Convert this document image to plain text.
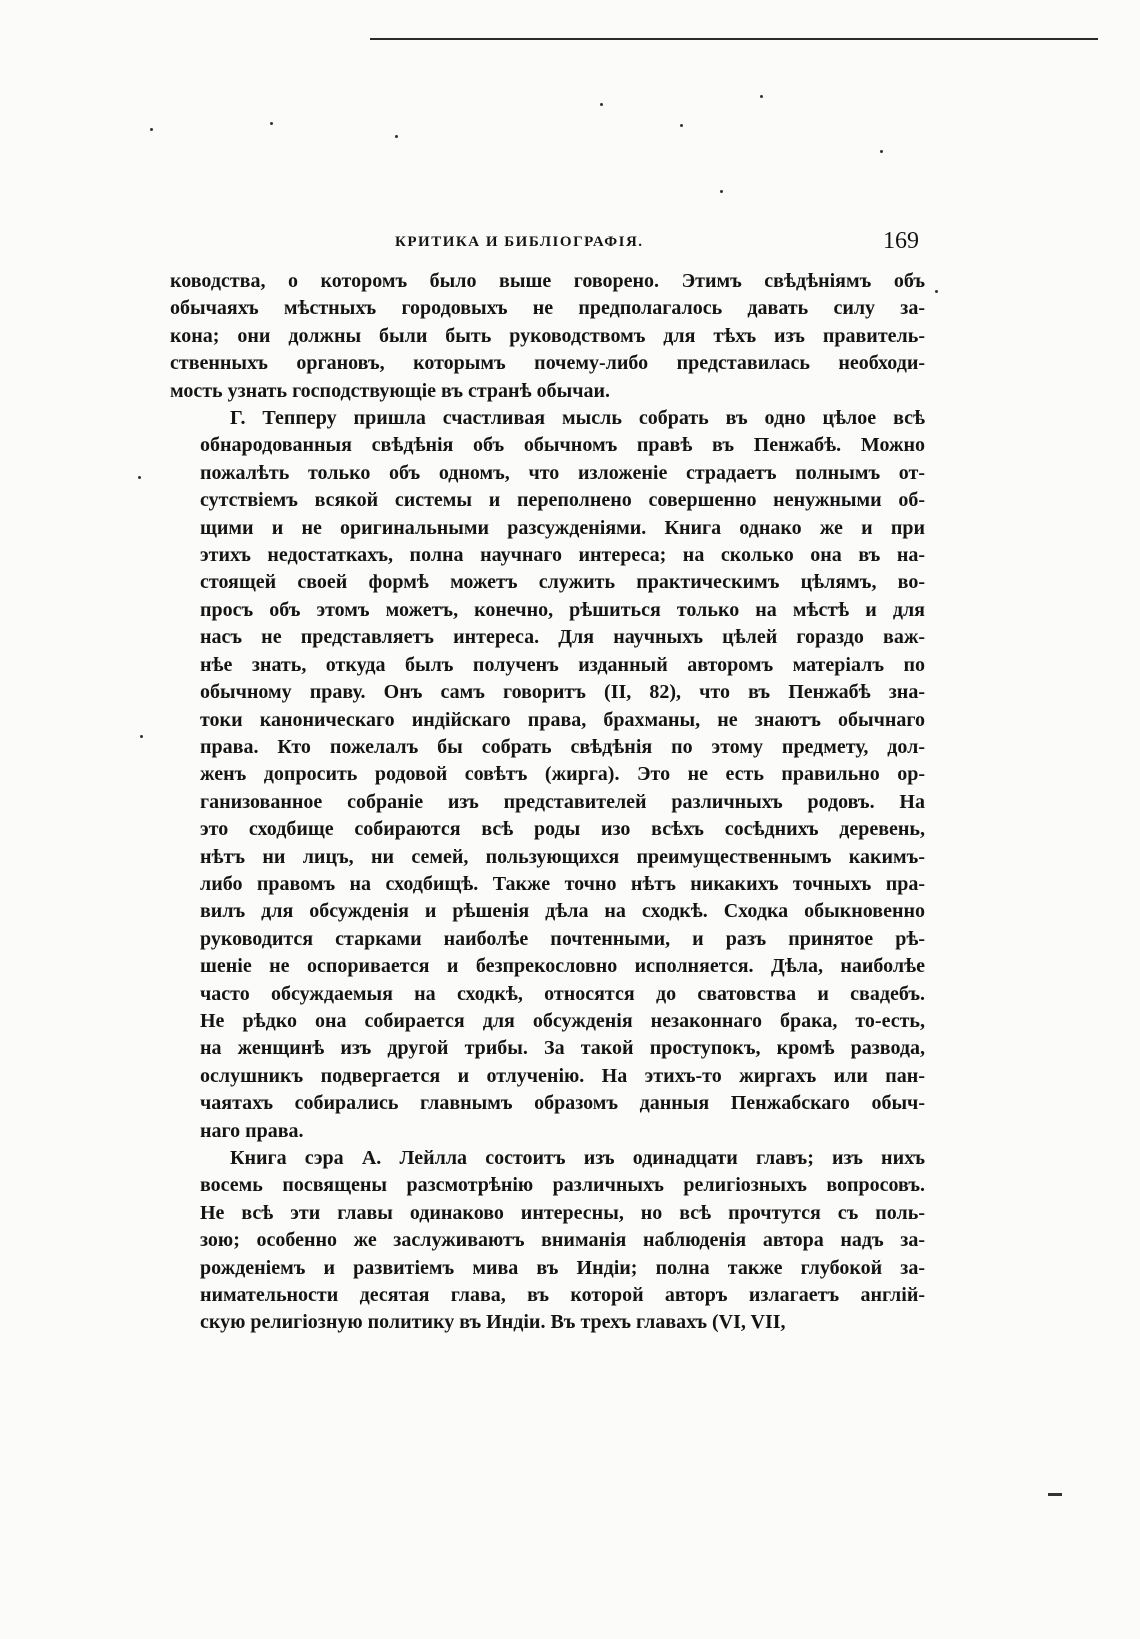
КРИТИКА И БИБЛІОГРАФІЯ.	169

ководства, о которомъ было выше говорено. Этимъ свѣдѣніямъ объ
обычаяхъ мѣстныхъ городовыхъ не предполагалось давать силу за-
кона; они должны были быть руководствомъ для тѣхъ изъ правитель-
ственныхъ органовъ, которымъ почему-либо представилась необходи-
мость узнать господствующіе въ странѣ обычаи.

Г. Тепперу пришла счастливая мысль собрать въ одно цѣлое всѣ
обнародованныя свѣдѣнія объ обычномъ правѣ въ Пенжабѣ. Можно
пожалѣть только объ одномъ, что изложеніе страдаетъ полнымъ от-
сутствіемъ всякой системы и переполнено совершенно ненужными об-
щими и не оригинальными разсужденіями. Книга однако же и при
этихъ недостаткахъ, полна научнаго интереса; на сколько она въ на-
стоящей своей формѣ можетъ служить практическимъ цѣлямъ, во-
просъ объ этомъ можетъ, конечно, рѣшиться только на мѣстѣ и для
насъ не представляетъ интереса. Для научныхъ цѣлей гораздо важ-
нѣе знать, откуда былъ полученъ изданный авторомъ матеріалъ по
обычному праву. Онъ самъ говоритъ (II, 82), что въ Пенжабѣ зна-
токи каноническаго индійскаго права, брахманы, не знаютъ обычнаго
права. Кто пожелалъ бы собрать свѣдѣнія по этому предмету, дол-
женъ допросить родовой совѣтъ (жирга). Это не есть правильно ор-
ганизованное собраніе изъ представителей различныхъ родовъ. На
это сходбище собираются всѣ роды изо всѣхъ сосѣднихъ деревень,
нѣтъ ни лицъ, ни семей, пользующихся преимущественнымъ какимъ-
либо правомъ на сходбищѣ. Также точно нѣтъ никакихъ точныхъ пра-
вилъ для обсужденія и рѣшенія дѣла на сходкѣ. Сходка обыкновенно
руководится старками наиболѣе почтенными, и разъ принятое рѣ-
шеніе не оспоривается и безпрекословно исполняется. Дѣла, наиболѣе
часто обсуждаемыя на сходкѣ, относятся до сватовства и свадебъ.
Не рѣдко она собирается для обсужденія незаконнаго брака, то-есть,
на женщинѣ изъ другой трибы. За такой проступокъ, кромѣ развода,
ослушникъ подвергается и отлученію. На этихъ-то жиргахъ или пан-
чаятахъ собирались главнымъ образомъ данныя Пенжабскаго обыч-
наго права.

Книга сэра А. Лейлла состоитъ изъ одинадцати главъ; изъ нихъ
восемь посвящены разсмотрѣнію различныхъ религіозныхъ вопросовъ.
Не всѣ эти главы одинаково интересны, но всѣ прочтутся съ поль-
зою; особенно же заслуживаютъ вниманія наблюденія автора надъ за-
рожденіемъ и развитіемъ мива въ Индіи; полна также глубокой за-
нимательности десятая глава, въ которой авторъ излагаетъ англій-
скую религіозную политику въ Индіи. Въ трехъ главахъ (VI, VII,
